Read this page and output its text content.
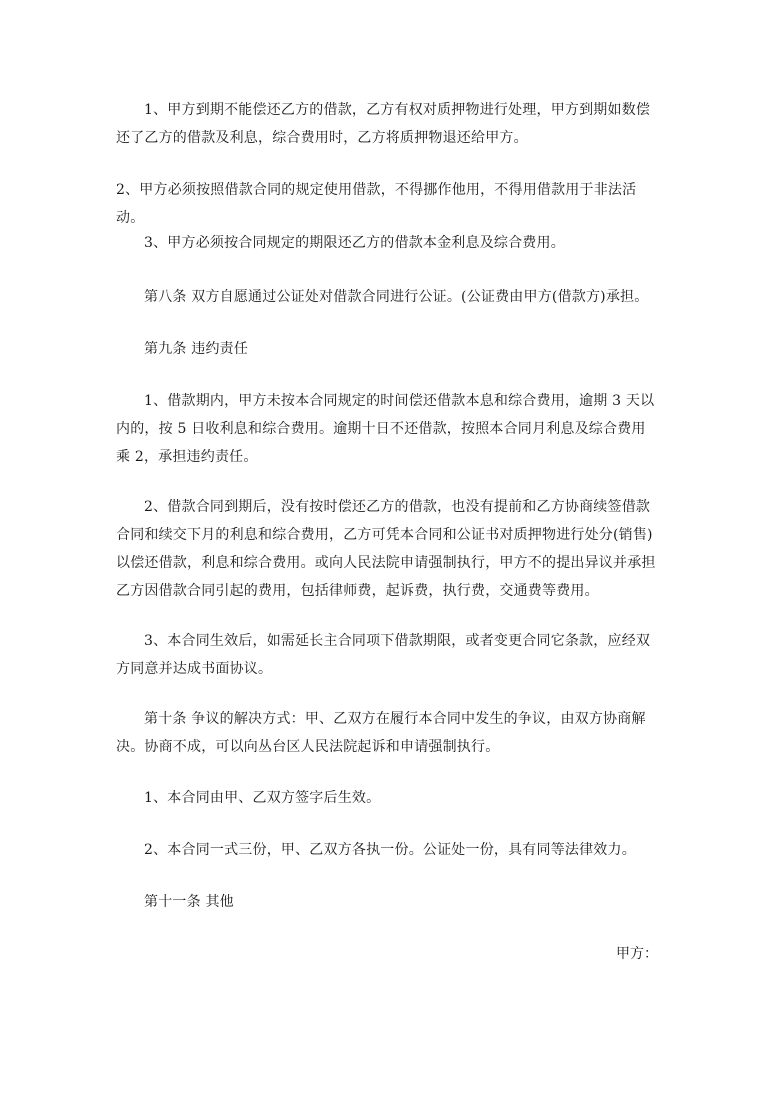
1、甲方到期不能偿还乙方的借款，乙方有权对质押物进行处理，甲方到期如数偿还了乙方的借款及利息，综合费用时，乙方将质押物退还给甲方。

2、甲方必须按照借款合同的规定使用借款，不得挪作他用，不得用借款用于非法活动。

3、甲方必须按合同规定的期限还乙方的借款本金利息及综合费用。

第八条 双方自愿通过公证处对借款合同进行公证。(公证费由甲方(借款方)承担。

第九条 违约责任

1、借款期内，甲方未按本合同规定的时间偿还借款本息和综合费用，逾期 3 天以内的，按 5 日收利息和综合费用。逾期十日不还借款，按照本合同月利息及综合费用乘 2，承担违约责任。

2、借款合同到期后，没有按时偿还乙方的借款，也没有提前和乙方协商续签借款合同和续交下月的利息和综合费用，乙方可凭本合同和公证书对质押物进行处分(销售)以偿还借款，利息和综合费用。或向人民法院申请强制执行，甲方不的提出异议并承担乙方因借款合同引起的费用，包括律师费，起诉费，执行费，交通费等费用。

3、本合同生效后，如需延长主合同项下借款期限，或者变更合同它条款，应经双方同意并达成书面协议。

第十条 争议的解决方式：甲、乙双方在履行本合同中发生的争议，由双方协商解决。协商不成，可以向丛台区人民法院起诉和申请强制执行。

1、本合同由甲、乙双方签字后生效。

2、本合同一式三份，甲、乙双方各执一份。公证处一份，具有同等法律效力。

第十一条 其他

甲方：
